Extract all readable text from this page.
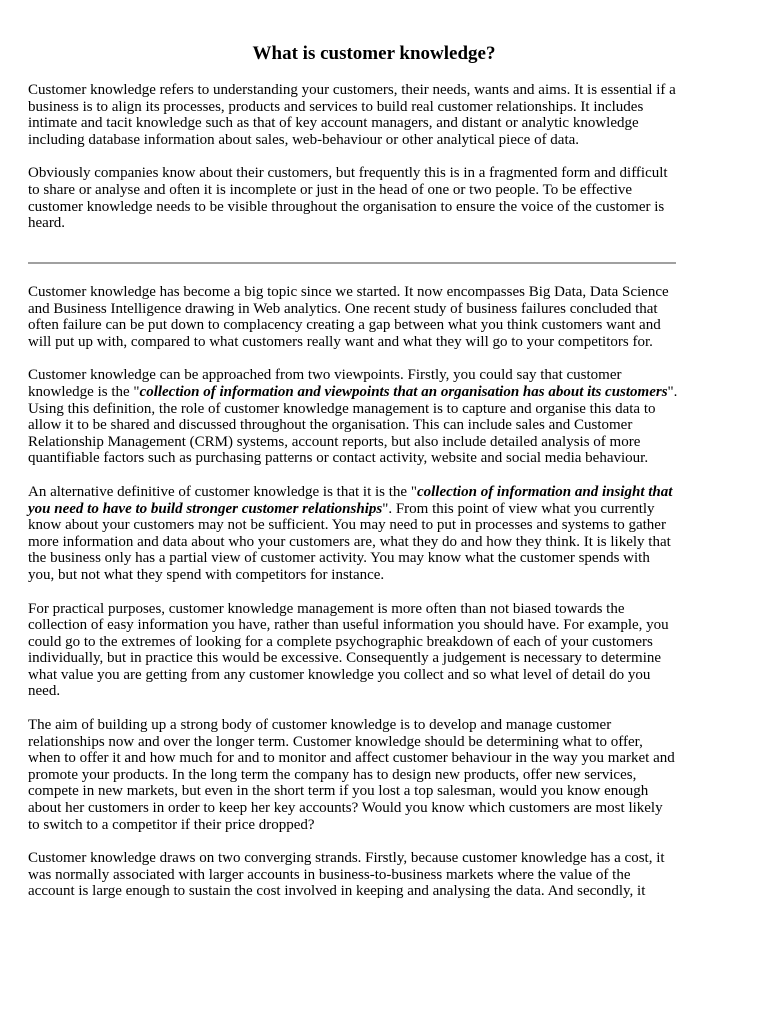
What is customer knowledge?

Customer knowledge refers to understanding your customers, their needs, wants and aims. It is essential if a business is to align its processes, products and services to build real customer relationships. It includes intimate and tacit knowledge such as that of key account managers, and distant or analytic knowledge including database information about sales, web-behaviour or other analytical piece of data.

Obviously companies know about their customers, but frequently this is in a fragmented form and difficult to share or analyse and often it is incomplete or just in the head of one or two people. To be effective customer knowledge needs to be visible throughout the organisation to ensure the voice of the customer is heard.

Customer knowledge has become a big topic since we started. It now encompasses Big Data, Data Science and Business Intelligence drawing in Web analytics. One recent study of business failures concluded that often failure can be put down to complacency creating a gap between what you think customers want and will put up with, compared to what customers really want and what they will go to your competitors for.

Customer knowledge can be approached from two viewpoints. Firstly, you could say that customer knowledge is the "collection of information and viewpoints that an organisation has about its customers". Using this definition, the role of customer knowledge management is to capture and organise this data to allow it to be shared and discussed throughout the organisation. This can include sales and Customer Relationship Management (CRM) systems, account reports, but also include detailed analysis of more quantifiable factors such as purchasing patterns or contact activity, website and social media behaviour.

An alternative definitive of customer knowledge is that it is the "collection of information and insight that you need to have to build stronger customer relationships". From this point of view what you currently know about your customers may not be sufficient. You may need to put in processes and systems to gather more information and data about who your customers are, what they do and how they think. It is likely that the business only has a partial view of customer activity. You may know what the customer spends with you, but not what they spend with competitors for instance.

For practical purposes, customer knowledge management is more often than not biased towards the collection of easy information you have, rather than useful information you should have. For example, you could go to the extremes of looking for a complete psychographic breakdown of each of your customers individually, but in practice this would be excessive. Consequently a judgement is necessary to determine what value you are getting from any customer knowledge you collect and so what level of detail do you need.

The aim of building up a strong body of customer knowledge is to develop and manage customer relationships now and over the longer term. Customer knowledge should be determining what to offer, when to offer it and how much for and to monitor and affect customer behaviour in the way you market and promote your products. In the long term the company has to design new products, offer new services, compete in new markets, but even in the short term if you lost a top salesman, would you know enough about her customers in order to keep her key accounts? Would you know which customers are most likely to switch to a competitor if their price dropped?

Customer knowledge draws on two converging strands. Firstly, because customer knowledge has a cost, it was normally associated with larger accounts in business-to-business markets where the value of the account is large enough to sustain the cost involved in keeping and analysing the data. And secondly, it
